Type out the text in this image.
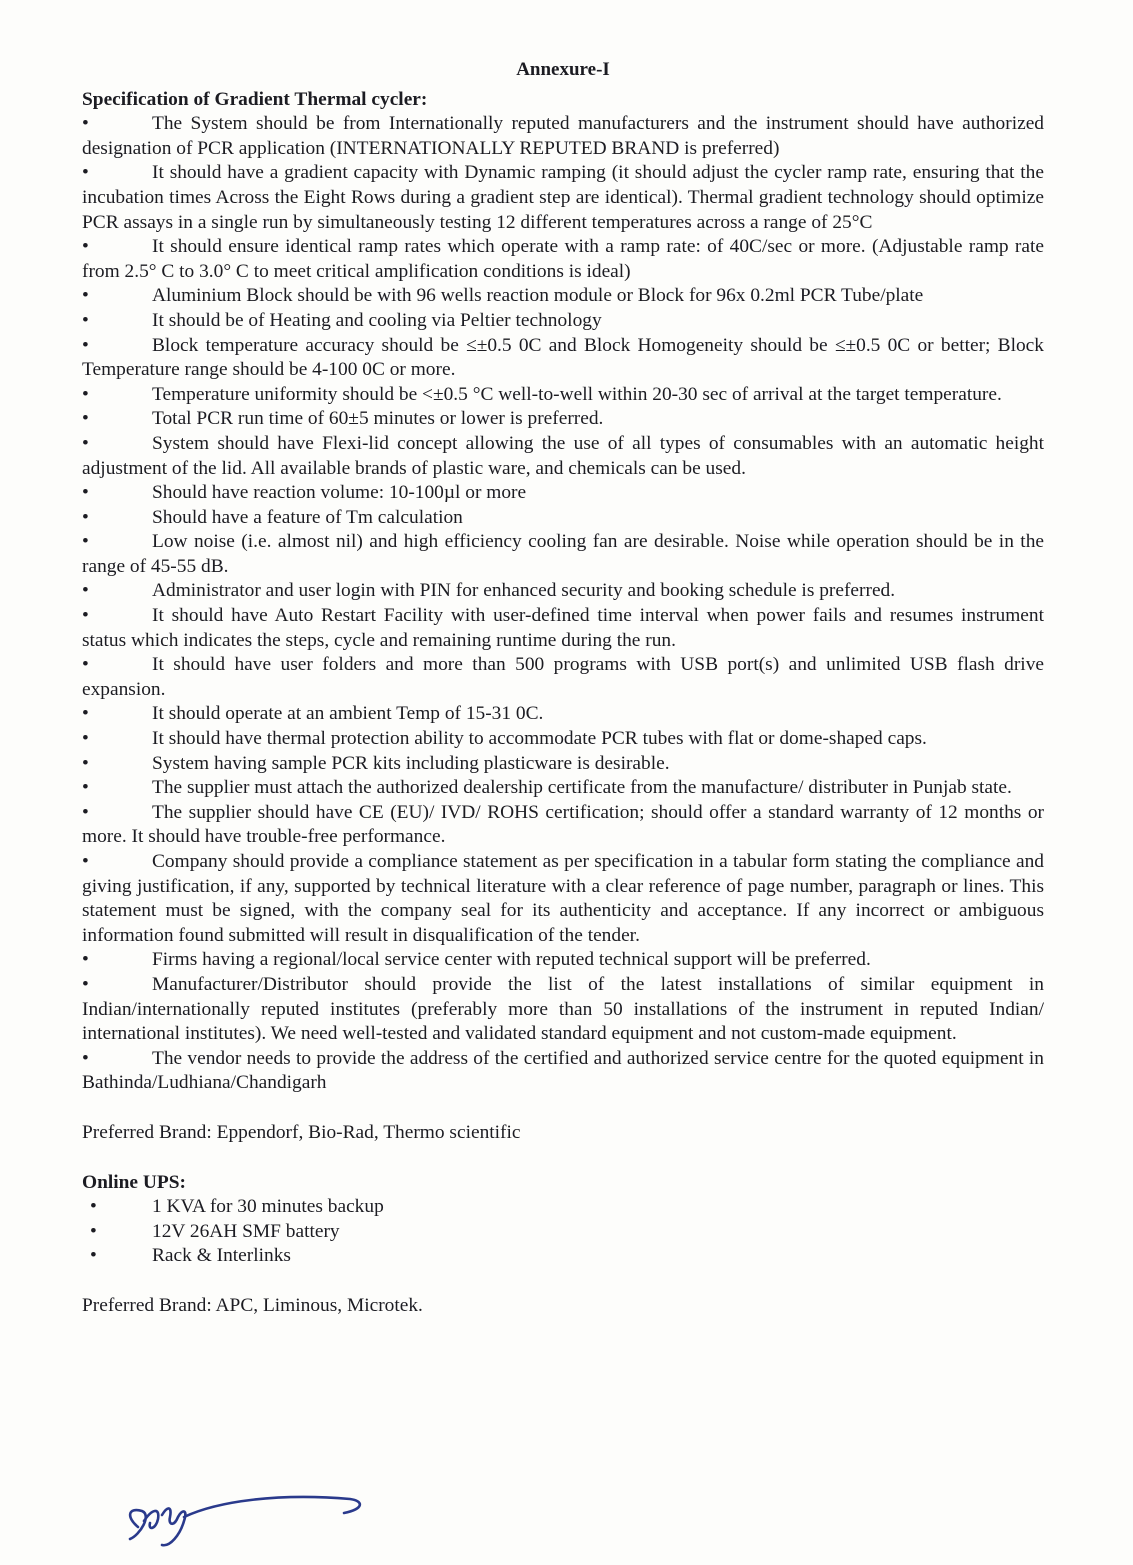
Annexure-I

Specification of Gradient Thermal cycler:

•	The System should be from Internationally reputed manufacturers and the instrument should have authorized designation of PCR application (INTERNATIONALLY REPUTED BRAND is preferred)

•	It should have a gradient capacity with Dynamic ramping (it should adjust the cycler ramp rate, ensuring that the incubation times Across the Eight Rows during a gradient step are identical). Thermal gradient technology should optimize PCR assays in a single run by simultaneously testing 12 different temperatures across a range of 25°C

•	It should ensure identical ramp rates which operate with a ramp rate: of 40C/sec or more. (Adjustable ramp rate from 2.5° C to 3.0° C to meet critical amplification conditions is ideal)

•	Aluminium Block should be with 96 wells reaction module or Block for 96x 0.2ml PCR Tube/plate

•	It should be of Heating and cooling via Peltier technology

•	Block temperature accuracy should be ≤±0.5 0C and Block Homogeneity should be ≤±0.5 0C or better; Block Temperature range should be 4-100 0C or more.

•	Temperature uniformity should be <±0.5 °C well-to-well within 20-30 sec of arrival at the target temperature.

•	Total PCR run time of 60±5 minutes or lower is preferred.

•	System should have Flexi-lid concept allowing the use of all types of consumables with an automatic height adjustment of the lid. All available brands of plastic ware, and chemicals can be used.

•	Should have reaction volume: 10-100µl or more

•	Should have a feature of Tm calculation

•	Low noise (i.e. almost nil) and high efficiency cooling fan are desirable. Noise while operation should be in the range of 45-55 dB.

•	Administrator and user login with PIN for enhanced security and booking schedule is preferred.

•	It should have Auto Restart Facility with user-defined time interval when power fails and resumes instrument status which indicates the steps, cycle and remaining runtime during the run.

•	It should have user folders and more than 500 programs with USB port(s) and unlimited USB flash drive expansion.

•	It should operate at an ambient Temp of 15-31 0C.

•	It should have thermal protection ability to accommodate PCR tubes with flat or dome-shaped caps.

•	System having sample PCR kits including plasticware is desirable.

•	The supplier must attach the authorized dealership certificate from the manufacture/ distributer in Punjab state.

•	The supplier should have CE (EU)/ IVD/ ROHS certification; should offer a standard warranty of 12 months or more. It should have trouble-free performance.

•	Company should provide a compliance statement as per specification in a tabular form stating the compliance and giving justification, if any, supported by technical literature with a clear reference of page number, paragraph or lines. This statement must be signed, with the company seal for its authenticity and acceptance. If any incorrect or ambiguous information found submitted will result in disqualification of the tender.

•	Firms having a regional/local service center with reputed technical support will be preferred.

•	Manufacturer/Distributor should provide the list of the latest installations of similar equipment in Indian/internationally reputed institutes (preferably more than 50 installations of the instrument in reputed Indian/ international institutes). We need well-tested and validated standard equipment and not custom-made equipment.

•	The vendor needs to provide the address of the certified and authorized service centre for the quoted equipment in Bathinda/Ludhiana/Chandigarh

Preferred Brand: Eppendorf, Bio-Rad, Thermo scientific

Online UPS:

•	1 KVA for 30 minutes backup

•	12V 26AH SMF battery

•	Rack & Interlinks

Preferred Brand: APC, Liminous, Microtek.
